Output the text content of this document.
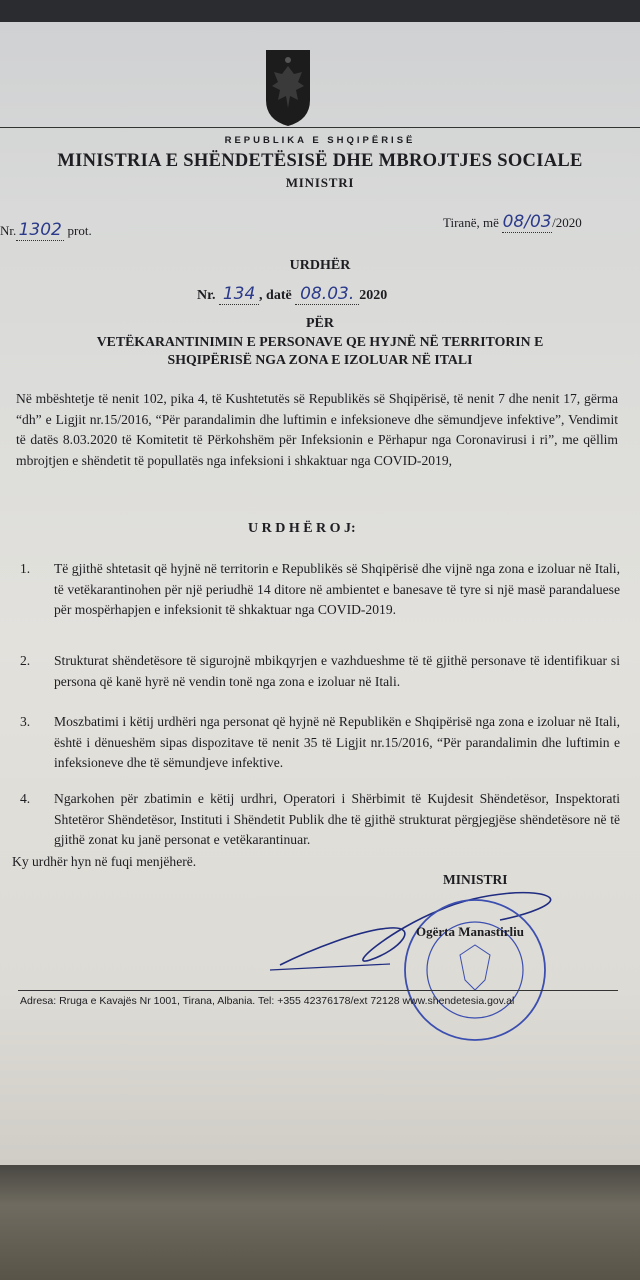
REPUBLIKA E SHQIPËRISË
MINISTRIA E SHËNDETËSISË DHE MBROJTJES SOCIALE
MINISTRI
Nr. 1302 prot.
Tiranë, më 08/03/2020
URDHËR
Nr. 134 , datë 08.03. 2020
PËR
VETËKARANTINIMIN E PERSONAVE QE HYJNË NË TERRITORIN E
SHQIPËRISË NGA ZONA E IZOLUAR NË ITALI
Në mbështetje të nenit 102, pika 4, të Kushtetutës së Republikës së Shqipërisë, të nenit 7 dhe nenit 17, gërma “dh” e Ligjit nr.15/2016, “Për parandalimin dhe luftimin e infeksioneve dhe sëmundjeve infektive”, Vendimit të datës 8.03.2020 të Komitetit të Përkohshëm për Infeksionin e Përhapur nga Coronavirusi i ri”, me qëllim mbrojtjen e shëndetit të popullatës nga infeksioni i shkaktuar nga COVID-2019,
U R D H Ë R O J:
1. Të gjithë shtetasit që hyjnë në territorin e Republikës së Shqipërisë dhe vijnë nga zona e izoluar në Itali, të vetëkarantinohen për një periudhë 14 ditore në ambientet e banesave të tyre si një masë parandaluese për mospërhapjen e infeksionit të shkaktuar nga COVID-2019.
2. Strukturat shëndetësore të sigurojnë mbikqyrjen e vazhdueshme të të gjithë personave të identifikuar si persona që kanë hyrë në vendin tonë nga zona e izoluar në Itali.
3. Moszbatimi i këtij urdhëri nga personat që hyjnë në Republikën e Shqipërisë nga zona e izoluar në Itali, është i dënueshëm sipas dispozitave të nenit 35 të Ligjit nr.15/2016, “Për parandalimin dhe luftimin e infeksioneve dhe të sëmundjeve infektive.
4. Ngarkohen për zbatimin e këtij urdhri, Operatori i Shërbimit të Kujdesit Shëndetësor, Inspektorati Shtetëror Shëndetësor, Instituti i Shëndetit Publik dhe të gjithë strukturat përgjegjëse shëndetësore në të gjithë zonat ku janë personat e vetëkarantinuar.
Ky urdhër hyn në fuqi menjëherë.
MINISTRI
Ogërta Manastirliu
Adresa: Rruga e Kavajës Nr 1001, Tirana, Albania. Tel: +355 42376178/ext 72128 www.shendetesia.gov.al
